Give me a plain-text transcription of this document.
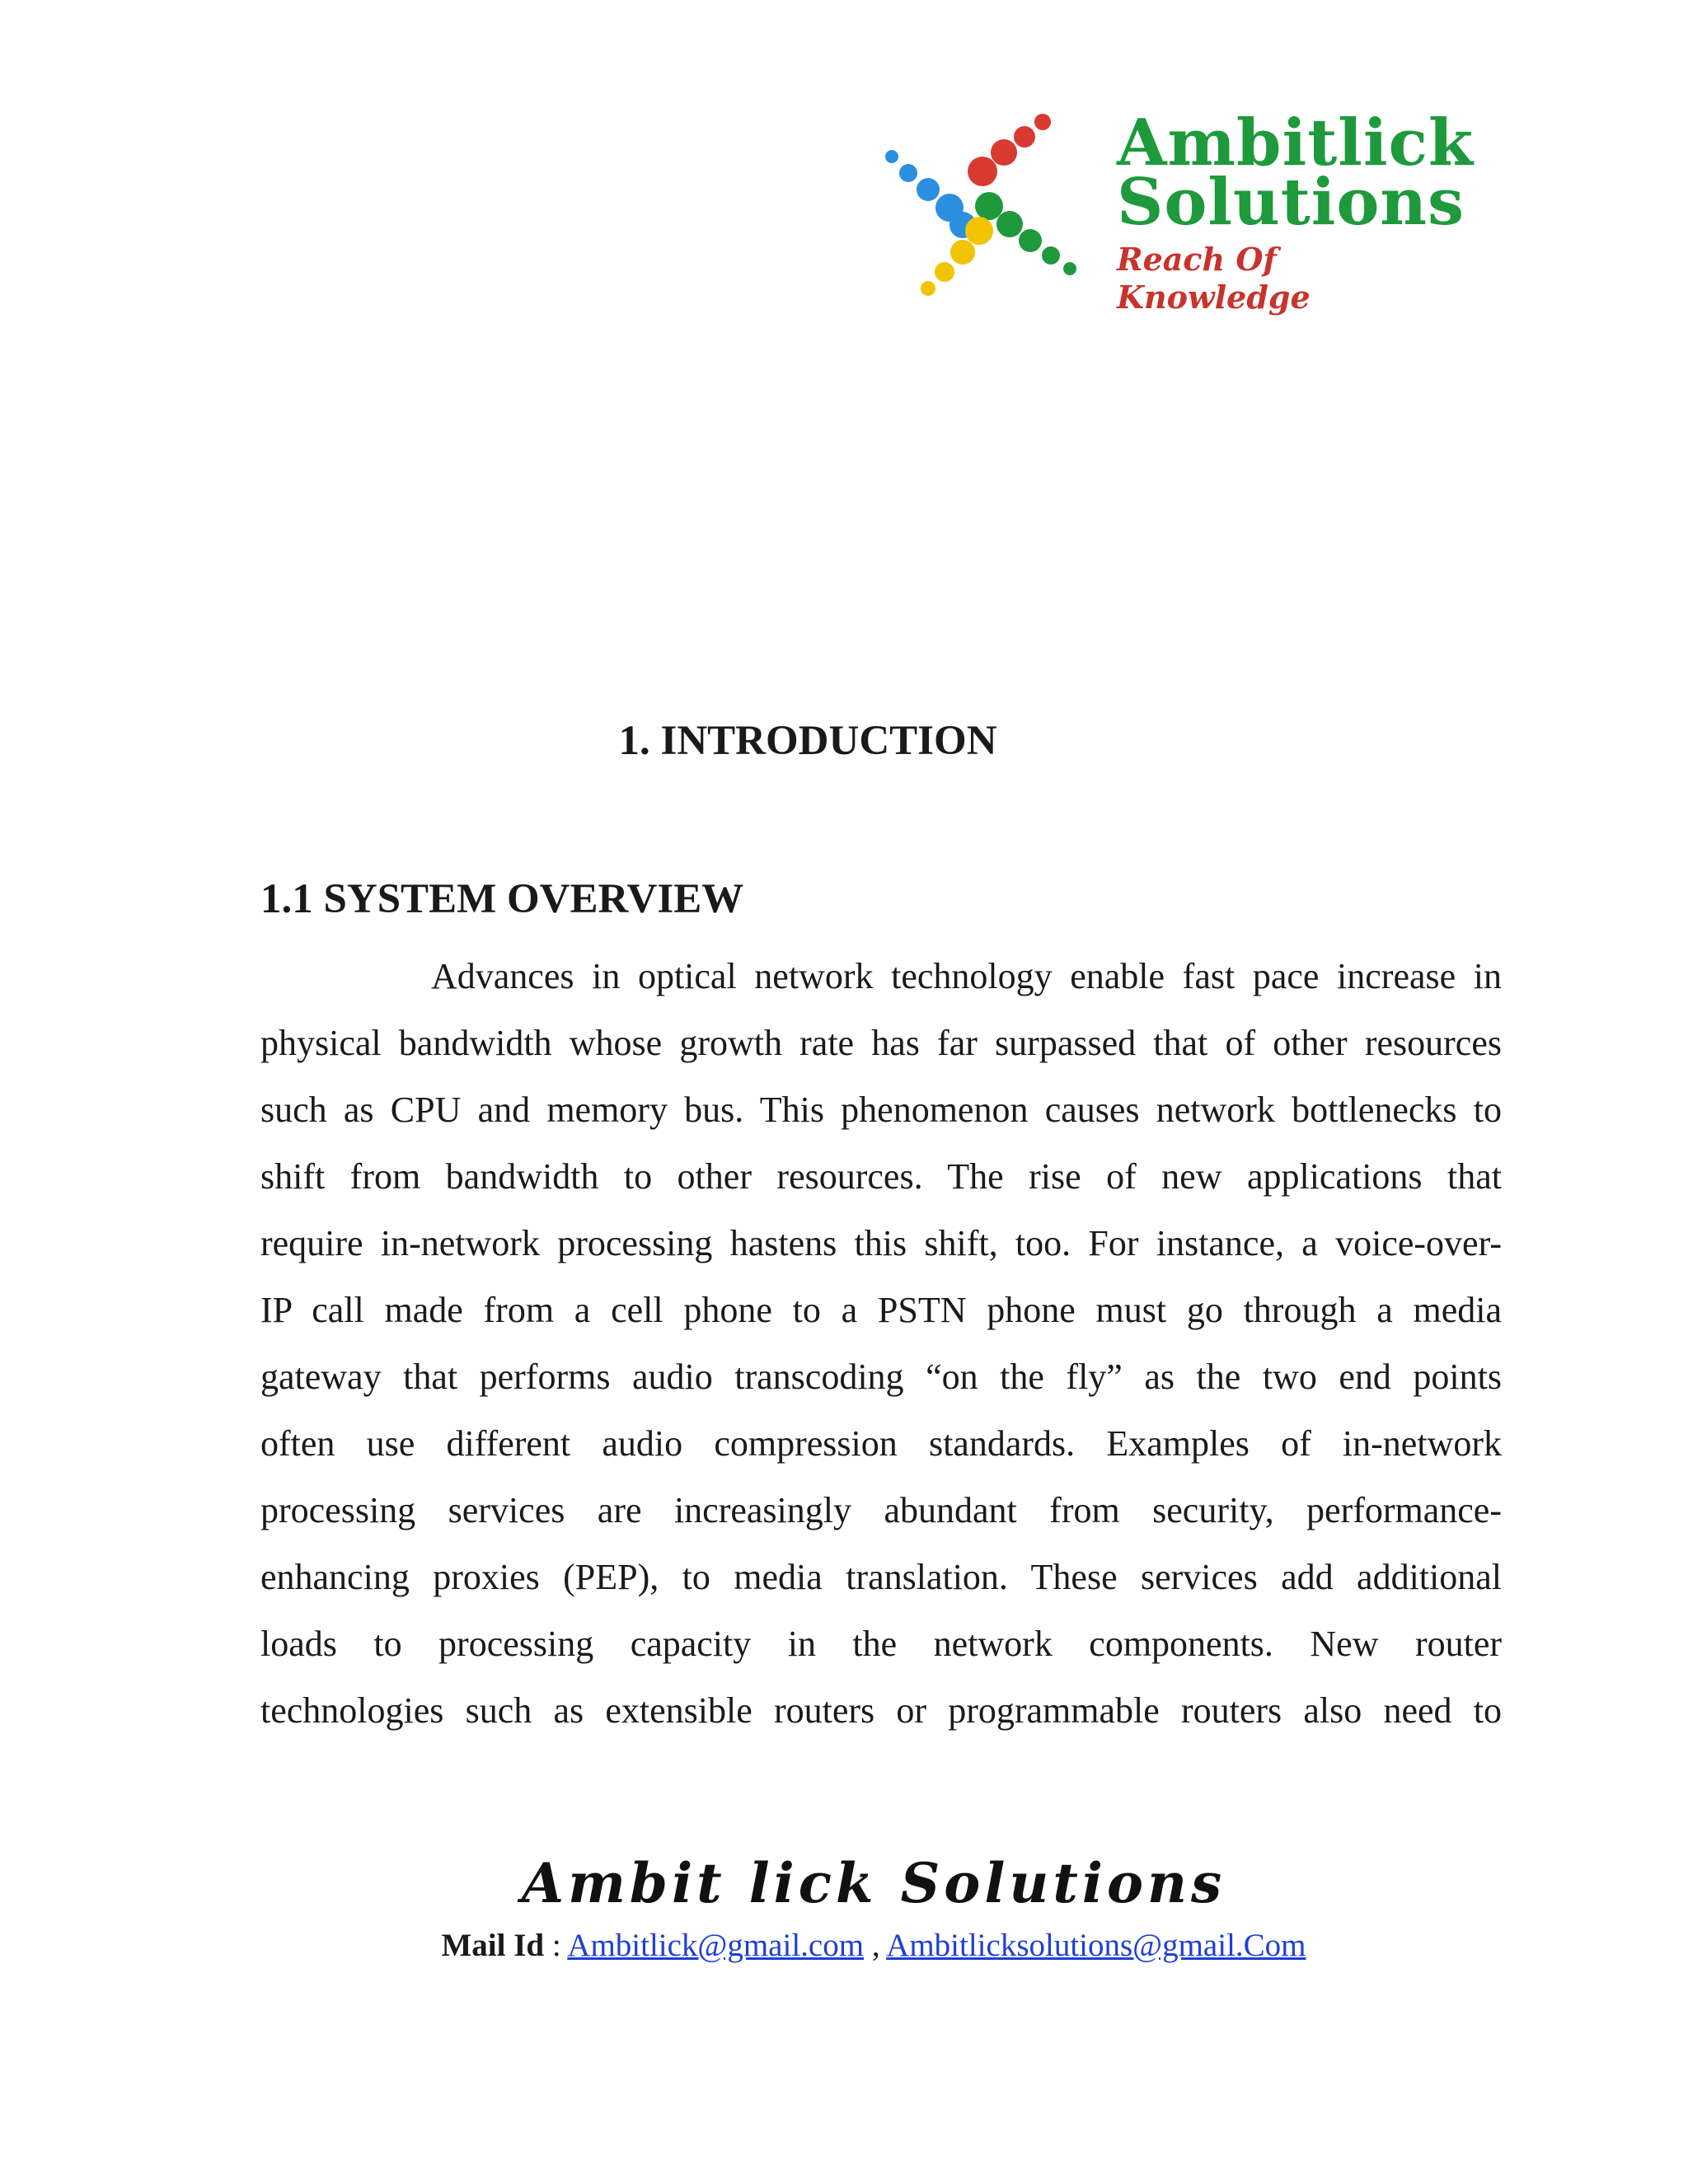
Ambitlick
Solutions
Reach Of Knowledge
1. INTRODUCTION
1.1 SYSTEM OVERVIEW
Advances in optical network technology enable fast pace increase in
physical bandwidth whose growth rate has far surpassed that of other resources
such as CPU and memory bus. This phenomenon causes network bottlenecks to
shift from bandwidth to other resources. The rise of new applications that
require in-network processing hastens this shift, too. For instance, a voice-over-
IP call made from a cell phone to a PSTN phone must go through a media
gateway that performs audio transcoding “on the fly” as the two end points
often use different audio compression standards. Examples of in-network
processing services are increasingly abundant from security, performance-
enhancing proxies (PEP), to media translation. These services add additional
loads to processing capacity in the network components. New router
technologies such as extensible routers or programmable routers also need to
Ambit lick Solutions
Mail Id : Ambitlick@gmail.com , Ambitlicksolutions@gmail.Com
